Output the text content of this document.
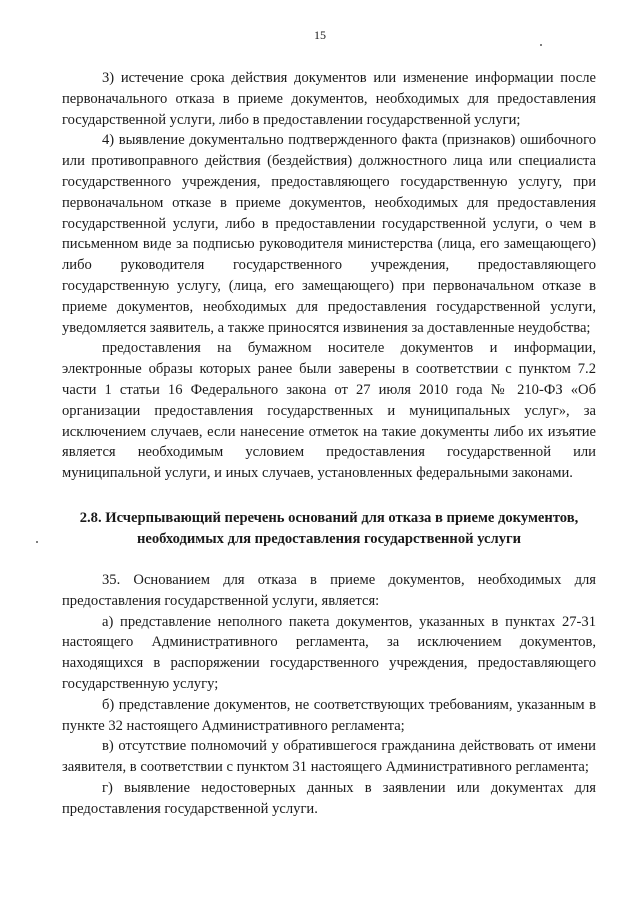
15

3) истечение срока действия документов или изменение информации после первоначального отказа в приеме документов, необходимых для предоставления государственной услуги, либо в предоставлении государственной услуги;

4) выявление документально подтвержденного факта (признаков) ошибочного или противоправного действия (бездействия) должностного лица или специалиста государственного учреждения, предоставляющего государственную услугу, при первоначальном отказе в приеме документов, необходимых для предоставления государственной услуги, либо в предоставлении государственной услуги, о чем в письменном виде за подписью руководителя министерства (лица, его замещающего) либо руководителя государственного учреждения, предоставляющего государственную услугу, (лица, его замещающего) при первоначальном отказе в приеме документов, необходимых для предоставления государственной услуги, уведомляется заявитель, а также приносятся извинения за доставленные неудобства;

предоставления на бумажном носителе документов и информации, электронные образы которых ранее были заверены в соответствии с пунктом 7.2 части 1 статьи 16 Федерального закона от 27 июля 2010 года № 210-ФЗ «Об организации предоставления государственных и муниципальных услуг», за исключением случаев, если нанесение отметок на такие документы либо их изъятие является необходимым условием предоставления государственной или муниципальной услуги, и иных случаев, установленных федеральными законами.

2.8. Исчерпывающий перечень оснований для отказа в приеме документов,
необходимых для предоставления государственной услуги

35. Основанием для отказа в приеме документов, необходимых для предоставления государственной услуги, является:

а) представление неполного пакета документов, указанных в пунктах 27-31 настоящего Административного регламента, за исключением документов, находящихся в распоряжении государственного учреждения, предоставляющего государственную услугу;

б) представление документов, не соответствующих требованиям, указанным в пункте 32 настоящего Административного регламента;

в) отсутствие полномочий у обратившегося гражданина действовать от имени заявителя, в соответствии с пунктом 31 настоящего Административного регламента;

г) выявление недостоверных данных в заявлении или документах для предоставления государственной услуги.
